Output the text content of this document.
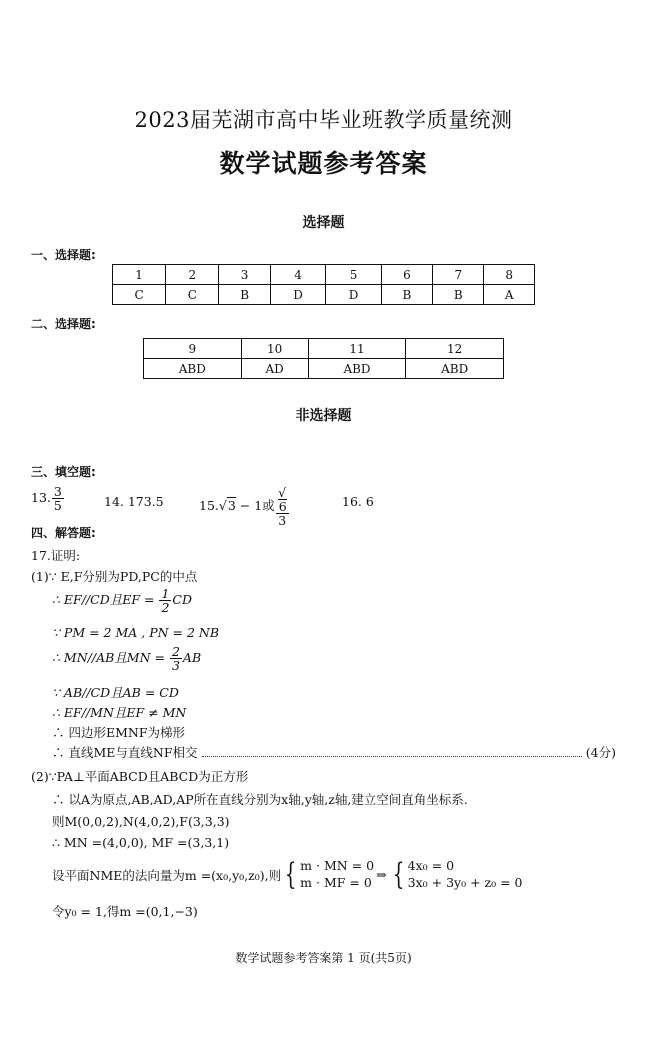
2023届芜湖市高中毕业班教学质量统测
数学试题参考答案
选择题
一、选择题:
1	2	3	4	5	6	7	8
C	C	B	D	D	B	B	A
二、选择题:
9	10	11	12
ABD	AD	ABD	ABD
非选择题
三、填空题:
13. $\frac{3}{5}$	14. 173.5	15.√3 − 1或 √
6
3	16. 6
四、解答题:
17.证明:
(1)∵ E,F分别为PD,PC的中点
∴ EF//CD且EF = $\frac{1}{2}$ CD
∵ PM = 2 MA , PN = 2 NB
∴ MN//AB且MN = $\frac{2}{3}$ AB
∵ AB//CD且AB = CD
∴ EF//MN且EF ≠ MN
∴ 四边形EMNF为梯形
∴ 直线ME与直线NF相交	(4分)
(2)∵PA⊥平面ABCD且ABCD为正方形
∴ 以A为原点,AB,AD,AP所在直线分别为x轴,y轴,z轴,建立空间直角坐标系.
则M(0,0,2),N(4,0,2),F(3,3,3)
∴ MN =(4,0,0), MF =(3,3,1)
设平面NME的法向量为m =(x₀,y₀,z₀),则 { m · MN = 0
m · MF = 0 ⇒ { 4x₀ = 0
3x₀ + 3y₀ + z₀ = 0
令y₀ = 1,得m =(0,1,−3)
数学试题参考答案第 1 页(共5页)
